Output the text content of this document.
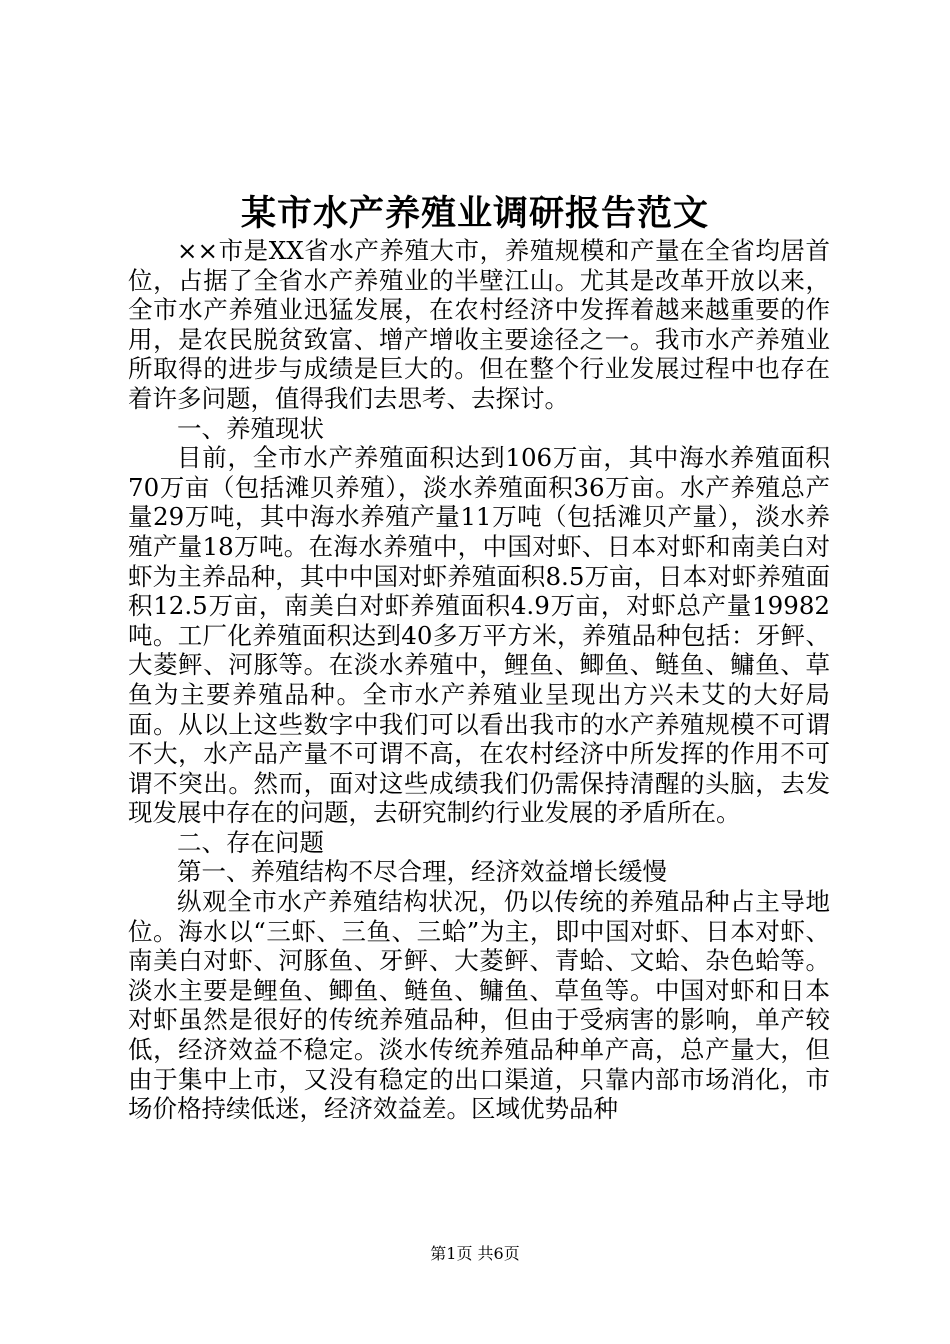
某市水产养殖业调研报告范文

××市是XX省水产养殖大市，养殖规模和产量在全省均居首位，占据了全省水产养殖业的半壁江山。尤其是改革开放以来，全市水产养殖业迅猛发展，在农村经济中发挥着越来越重要的作用，是农民脱贫致富、增产增收主要途径之一。我市水产养殖业所取得的进步与成绩是巨大的。但在整个行业发展过程中也存在着许多问题，值得我们去思考、去探讨。

一、养殖现状

目前，全市水产养殖面积达到106万亩，其中海水养殖面积70万亩（包括滩贝养殖），淡水养殖面积36万亩。水产养殖总产量29万吨，其中海水养殖产量11万吨（包括滩贝产量），淡水养殖产量18万吨。在海水养殖中，中国对虾、日本对虾和南美白对虾为主养品种，其中中国对虾养殖面积8.5万亩，日本对虾养殖面积12.5万亩，南美白对虾养殖面积4.9万亩，对虾总产量19982吨。工厂化养殖面积达到40多万平方米，养殖品种包括：牙鲆、大菱鲆、河豚等。在淡水养殖中，鲤鱼、鲫鱼、鲢鱼、鳙鱼、草鱼为主要养殖品种。全市水产养殖业呈现出方兴未艾的大好局面。从以上这些数字中我们可以看出我市的水产养殖规模不可谓不大，水产品产量不可谓不高，在农村经济中所发挥的作用不可谓不突出。然而，面对这些成绩我们仍需保持清醒的头脑，去发现发展中存在的问题，去研究制约行业发展的矛盾所在。

二、存在问题

第一、养殖结构不尽合理，经济效益增长缓慢

纵观全市水产养殖结构状况，仍以传统的养殖品种占主导地位。海水以“三虾、三鱼、三蛤”为主，即中国对虾、日本对虾、南美白对虾、河豚鱼、牙鲆、大菱鲆、青蛤、文蛤、杂色蛤等。淡水主要是鲤鱼、鲫鱼、鲢鱼、鳙鱼、草鱼等。中国对虾和日本对虾虽然是很好的传统养殖品种，但由于受病害的影响，单产较低，经济效益不稳定。淡水传统养殖品种单产高，总产量大，但由于集中上市，又没有稳定的出口渠道，只靠内部市场消化，市场价格持续低迷，经济效益差。区域优势品种

第1页 共6页
